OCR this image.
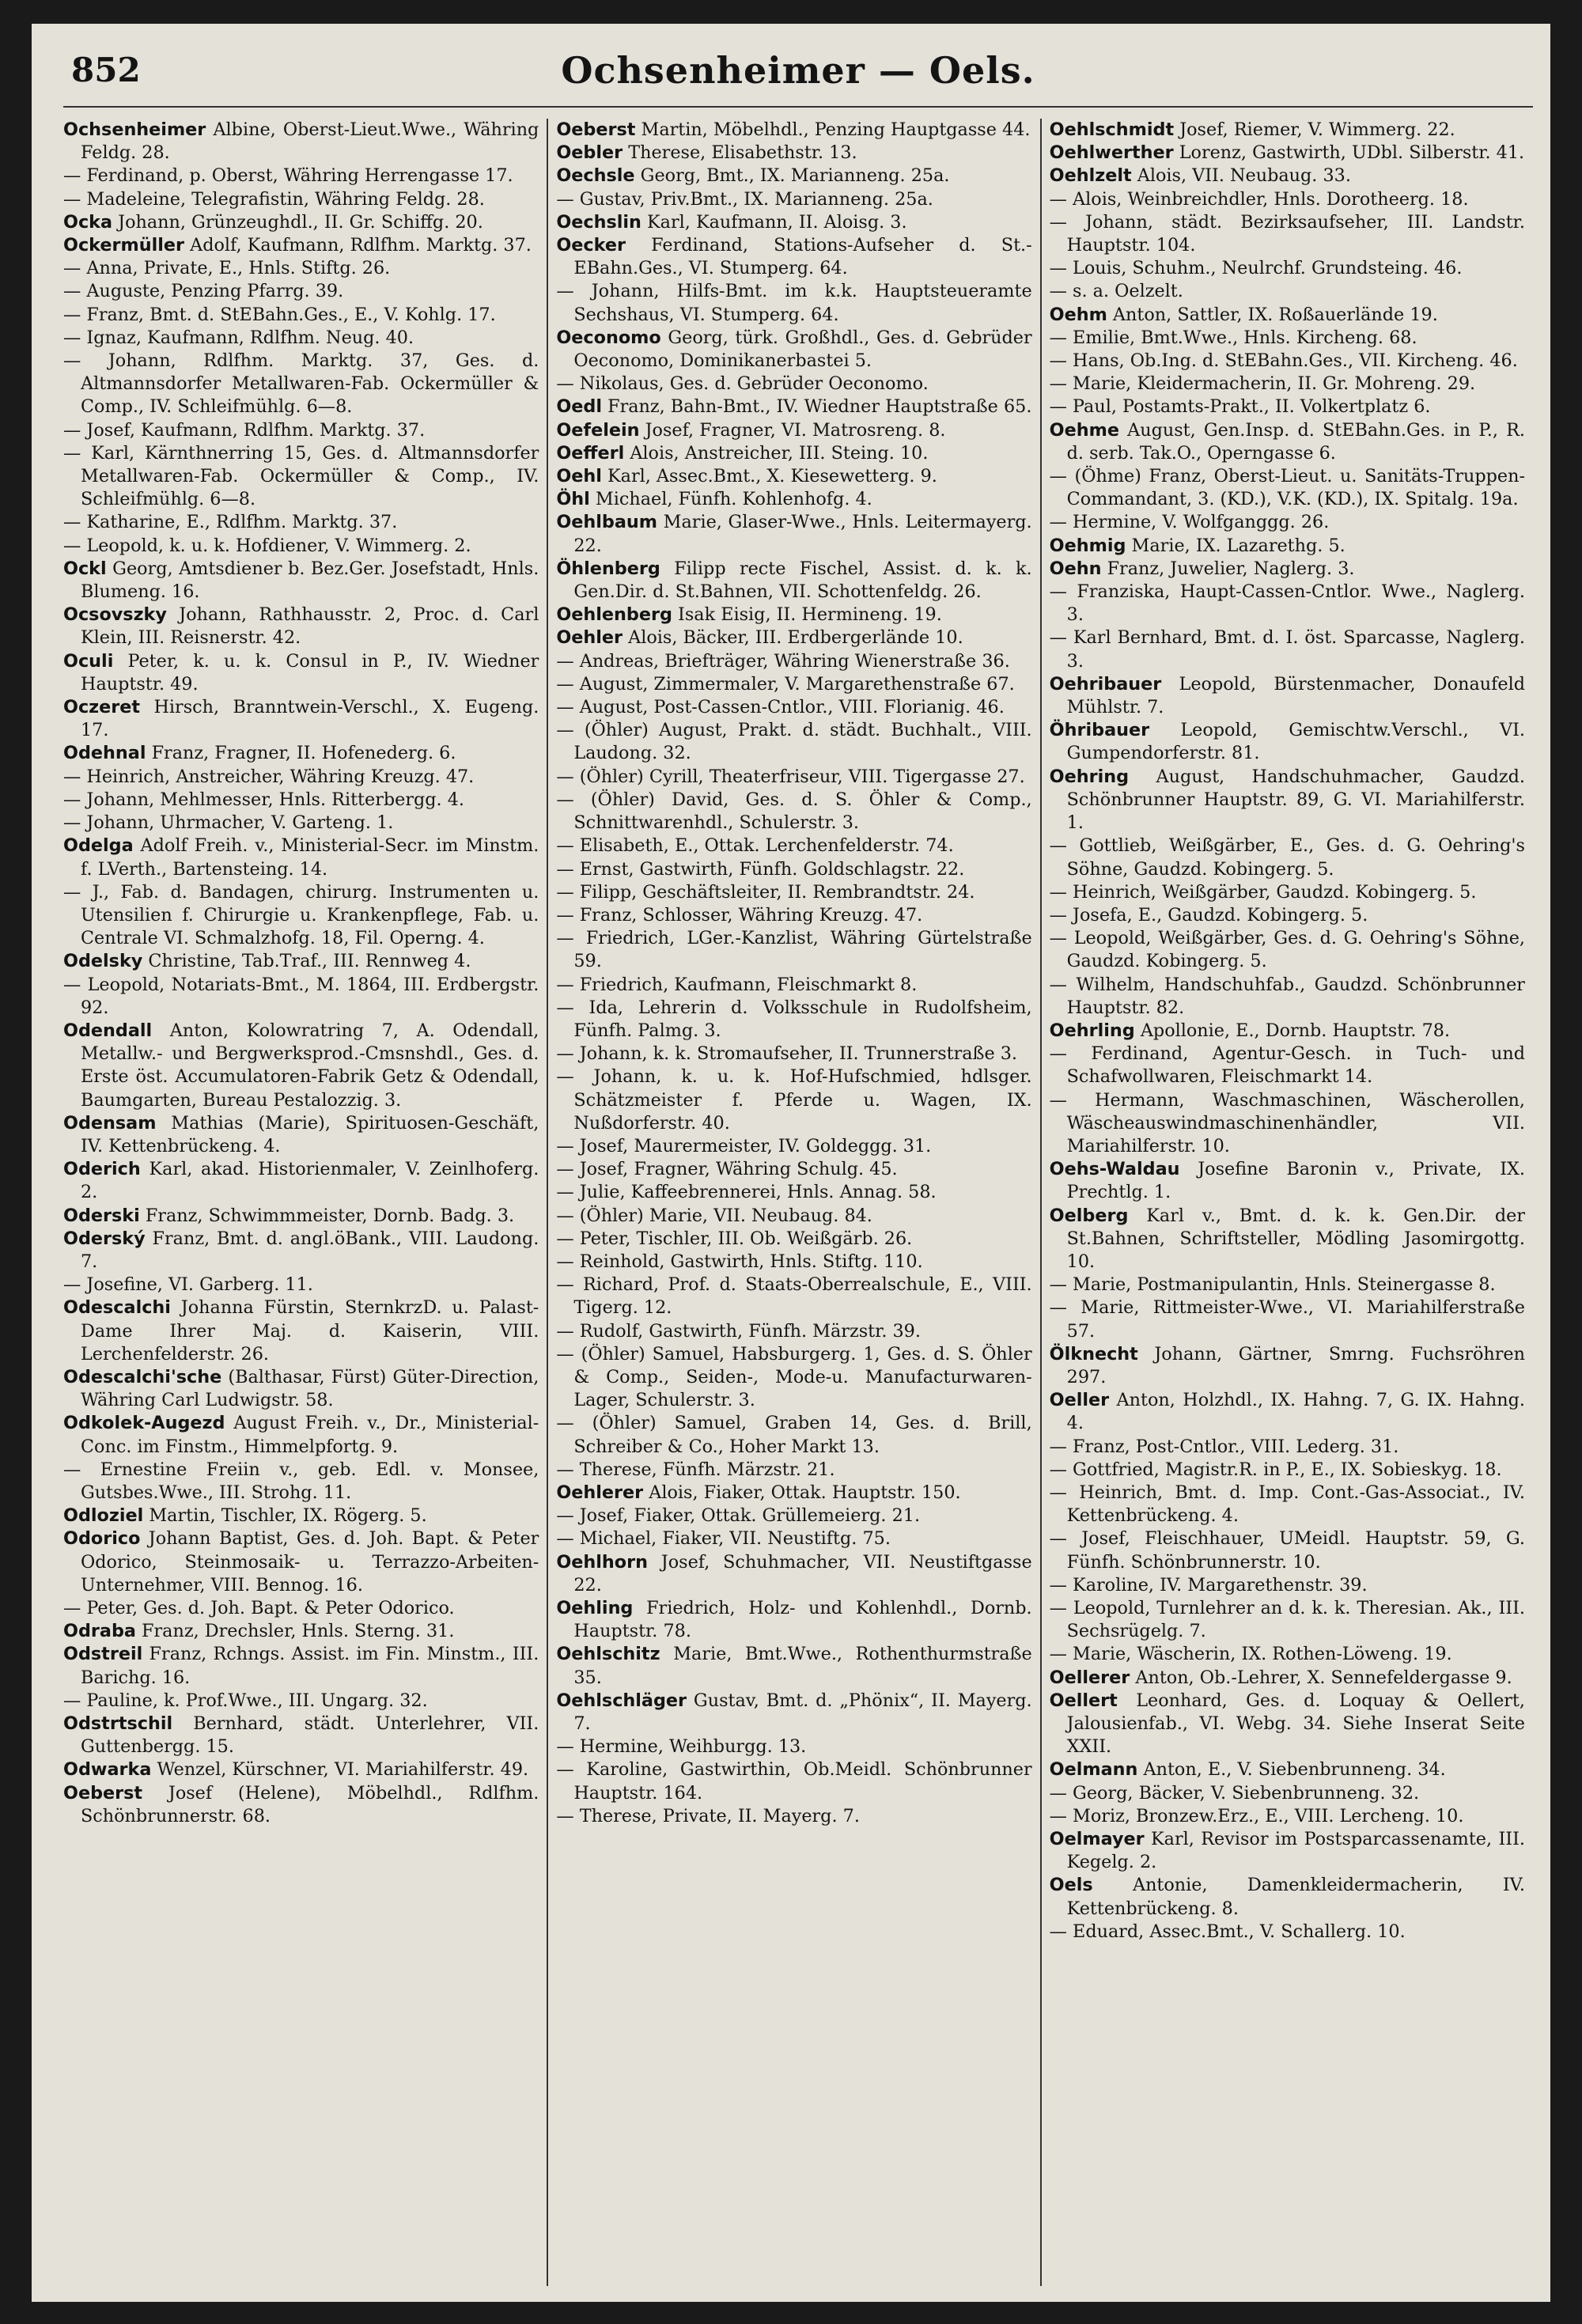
852	Ochsenheimer — Oels.
Ochsenheimer Albine, Oberst-Lieut.Wwe., Währing Feldg. 28.
— Ferdinand, p. Oberst, Währing Herrengasse 17.
— Madeleine, Telegrafistin, Währing Feldg. 28.
Ocka Johann, Grünzeughdl., II. Gr. Schiffg. 20.
Ockermüller Adolf, Kaufmann, Rdlfhm. Marktg. 37.
— Anna, Private, E., Hnls. Stiftg. 26.
— Auguste, Penzing Pfarrg. 39.
— Franz, Bmt. d. StEBahn.Ges., E., V. Kohlg. 17.
— Ignaz, Kaufmann, Rdlfhm. Neug. 40.
— Johann, Rdlfhm. Marktg. 37, Ges. d. Altmannsdorfer Metallwaren-Fab. Ockermüller & Comp., IV. Schleifmühlg. 6—8.
— Josef, Kaufmann, Rdlfhm. Marktg. 37.
— Karl, Kärnthnerring 15, Ges. d. Altmannsdorfer Metallwaren-Fab. Ockermüller & Comp., IV. Schleifmühlg. 6—8.
— Katharine, E., Rdlfhm. Marktg. 37.
— Leopold, k. u. k. Hofdiener, V. Wimmerg. 2.
Ockl Georg, Amtsdiener b. Bez.Ger. Josefstadt, Hnls. Blumeng. 16.
Ocsovszky Johann, Rathhausstr. 2, Proc. d. Carl Klein, III. Reisnerstr. 42.
Oculi Peter, k. u. k. Consul in P., IV. Wiedner Hauptstr. 49.
Oczeret Hirsch, Branntwein-Verschl., X. Eugeng. 17.
Odehnal Franz, Fragner, II. Hofenederg. 6.
— Heinrich, Anstreicher, Währing Kreuzg. 47.
— Johann, Mehlmesser, Hnls. Ritterbergg. 4.
— Johann, Uhrmacher, V. Garteng. 1.
Odelga Adolf Freih. v., Ministerial-Secr. im Minstm. f. LVerth., Bartensteing. 14.
— J., Fab. d. Bandagen, chirurg. Instrumenten u. Utensilien f. Chirurgie u. Krankenpflege, Fab. u. Centrale VI. Schmalzhofg. 18, Fil. Operng. 4.
Odelsky Christine, Tab.Traf., III. Rennweg 4.
— Leopold, Notariats-Bmt., M. 1864, III. Erdbergstr. 92.
Odendall Anton, Kolowratring 7, A. Odendall, Metallw.- und Bergwerksprod.-Cmsnshdl., Ges. d. Erste öst. Accumulatoren-Fabrik Getz & Odendall, Baumgarten, Bureau Pestalozzig. 3.
Odensam Mathias (Marie), Spirituosen-Geschäft, IV. Kettenbrückeng. 4.
Oderich Karl, akad. Historienmaler, V. Zeinlhoferg. 2.
Oderski Franz, Schwimmmeister, Dornb. Badg. 3.
Oderský Franz, Bmt. d. angl.öBank., VIII. Laudong. 7.
— Josefine, VI. Garberg. 11.
Odescalchi Johanna Fürstin, SternkrzD. u. Palast-Dame Ihrer Maj. d. Kaiserin, VIII. Lerchenfelderstr. 26.
Odescalchi'sche (Balthasar, Fürst) Güter-Direction, Währing Carl Ludwigstr. 58.
Odkolek-Augezd August Freih. v., Dr., Ministerial-Conc. im Finstm., Himmelpfortg. 9.
— Ernestine Freiin v., geb. Edl. v. Monsee, Gutsbes.Wwe., III. Strohg. 11.
Odloziel Martin, Tischler, IX. Rögerg. 5.
Odorico Johann Baptist, Ges. d. Joh. Bapt. & Peter Odorico, Steinmosaik- u. Terrazzo-Arbeiten-Unternehmer, VIII. Bennog. 16.
— Peter, Ges. d. Joh. Bapt. & Peter Odorico.
Odraba Franz, Drechsler, Hnls. Sterng. 31.
Odstreil Franz, Rchngs. Assist. im Fin. Minstm., III. Barichg. 16.
— Pauline, k. Prof.Wwe., III. Ungarg. 32.
Odstrtschil Bernhard, städt. Unterlehrer, VII. Guttenbergg. 15.
Odwarka Wenzel, Kürschner, VI. Mariahilferstr. 49.
Oeberst Josef (Helene), Möbelhdl., Rdlfhm. Schönbrunnerstr. 68.
Oeberst Martin, Möbelhdl., Penzing Hauptgasse 44.
Oebler Therese, Elisabethstr. 13.
Oechsle Georg, Bmt., IX. Marianneng. 25a.
— Gustav, Priv.Bmt., IX. Marianneng. 25a.
Oechslin Karl, Kaufmann, II. Aloisg. 3.
Oecker Ferdinand, Stations-Aufseher d. St.-EBahn.Ges., VI. Stumperg. 64.
— Johann, Hilfs-Bmt. im k.k. Hauptsteueramte Sechshaus, VI. Stumperg. 64.
Oeconomo Georg, türk. Großhdl., Ges. d. Gebrüder Oeconomo, Dominikanerbastei 5.
— Nikolaus, Ges. d. Gebrüder Oeconomo.
Oedl Franz, Bahn-Bmt., IV. Wiedner Hauptstraße 65.
Oefelein Josef, Fragner, VI. Matrosreng. 8.
Oefferl Alois, Anstreicher, III. Steing. 10.
Oehl Karl, Assec.Bmt., X. Kiesewetterg. 9.
Öhl Michael, Fünfh. Kohlenhofg. 4.
Oehlbaum Marie, Glaser-Wwe., Hnls. Leitermayerg. 22.
Öhlenberg Filipp recte Fischel, Assist. d. k. k. Gen.Dir. d. St.Bahnen, VII. Schottenfeldg. 26.
Oehlenberg Isak Eisig, II. Hermineng. 19.
Oehler Alois, Bäcker, III. Erdbergerlände 10.
— Andreas, Briefträger, Währing Wienerstraße 36.
— August, Zimmermaler, V. Margarethenstraße 67.
— August, Post-Cassen-Cntlor., VIII. Florianig. 46.
— (Öhler) August, Prakt. d. städt. Buchhalt., VIII. Laudong. 32.
— (Öhler) Cyrill, Theaterfriseur, VIII. Tigergasse 27.
— (Öhler) David, Ges. d. S. Öhler & Comp., Schnittwarenhdl., Schulerstr. 3.
— Elisabeth, E., Ottak. Lerchenfelderstr. 74.
— Ernst, Gastwirth, Fünfh. Goldschlagstr. 22.
— Filipp, Geschäftsleiter, II. Rembrandtstr. 24.
— Franz, Schlosser, Währing Kreuzg. 47.
— Friedrich, LGer.-Kanzlist, Währing Gürtelstraße 59.
— Friedrich, Kaufmann, Fleischmarkt 8.
— Ida, Lehrerin d. Volksschule in Rudolfsheim, Fünfh. Palmg. 3.
— Johann, k. k. Stromaufseher, II. Trunnerstraße 3.
— Johann, k. u. k. Hof-Hufschmied, hdlsger. Schätzmeister f. Pferde u. Wagen, IX. Nußdorferstr. 40.
— Josef, Maurermeister, IV. Goldeggg. 31.
— Josef, Fragner, Währing Schulg. 45.
— Julie, Kaffeebrennerei, Hnls. Annag. 58.
— (Öhler) Marie, VII. Neubaug. 84.
— Peter, Tischler, III. Ob. Weißgärb. 26.
— Reinhold, Gastwirth, Hnls. Stiftg. 110.
— Richard, Prof. d. Staats-Oberrealschule, E., VIII. Tigerg. 12.
— Rudolf, Gastwirth, Fünfh. Märzstr. 39.
— (Öhler) Samuel, Habsburgerg. 1, Ges. d. S. Öhler & Comp., Seiden-, Mode-u. Manufacturwaren-Lager, Schulerstr. 3.
— (Öhler) Samuel, Graben 14, Ges. d. Brill, Schreiber & Co., Hoher Markt 13.
— Therese, Fünfh. Märzstr. 21.
Oehlerer Alois, Fiaker, Ottak. Hauptstr. 150.
— Josef, Fiaker, Ottak. Grüllemeierg. 21.
— Michael, Fiaker, VII. Neustiftg. 75.
Oehlhorn Josef, Schuhmacher, VII. Neustiftgasse 22.
Oehling Friedrich, Holz- und Kohlenhdl., Dornb. Hauptstr. 78.
Oehlschitz Marie, Bmt.Wwe., Rothenthurmstraße 35.
Oehlschläger Gustav, Bmt. d. „Phönix“, II. Mayerg. 7.
— Hermine, Weihburgg. 13.
— Karoline, Gastwirthin, Ob.Meidl. Schönbrunner Hauptstr. 164.
— Therese, Private, II. Mayerg. 7.
Oehlschmidt Josef, Riemer, V. Wimmerg. 22.
Oehlwerther Lorenz, Gastwirth, UDbl. Silberstr. 41.
Oehlzelt Alois, VII. Neubaug. 33.
— Alois, Weinbreichdler, Hnls. Dorotheerg. 18.
— Johann, städt. Bezirksaufseher, III. Landstr. Hauptstr. 104.
— Louis, Schuhm., Neulrchf. Grundsteing. 46.
— s. a. Oelzelt.
Oehm Anton, Sattler, IX. Roßauerlände 19.
— Emilie, Bmt.Wwe., Hnls. Kircheng. 68.
— Hans, Ob.Ing. d. StEBahn.Ges., VII. Kircheng. 46.
— Marie, Kleidermacherin, II. Gr. Mohreng. 29.
— Paul, Postamts-Prakt., II. Volkertplatz 6.
Oehme August, Gen.Insp. d. StEBahn.Ges. in P., R. d. serb. Tak.O., Operngasse 6.
— (Öhme) Franz, Oberst-Lieut. u. Sanitäts-Truppen-Commandant, 3. (KD.), V.K. (KD.), IX. Spitalg. 19a.
— Hermine, V. Wolfganggg. 26.
Oehmig Marie, IX. Lazarethg. 5.
Oehn Franz, Juwelier, Naglerg. 3.
— Franziska, Haupt-Cassen-Cntlor. Wwe., Naglerg. 3.
— Karl Bernhard, Bmt. d. I. öst. Sparcasse, Naglerg. 3.
Oehribauer Leopold, Bürstenmacher, Donaufeld Mühlstr. 7.
Öhribauer Leopold, Gemischtw.Verschl., VI. Gumpendorferstr. 81.
Oehring August, Handschuhmacher, Gaudzd. Schönbrunner Hauptstr. 89, G. VI. Mariahilferstr. 1.
— Gottlieb, Weißgärber, E., Ges. d. G. Oehring's Söhne, Gaudzd. Kobingerg. 5.
— Heinrich, Weißgärber, Gaudzd. Kobingerg. 5.
— Josefa, E., Gaudzd. Kobingerg. 5.
— Leopold, Weißgärber, Ges. d. G. Oehring's Söhne, Gaudzd. Kobingerg. 5.
— Wilhelm, Handschuhfab., Gaudzd. Schönbrunner Hauptstr. 82.
Oehrling Apollonie, E., Dornb. Hauptstr. 78.
— Ferdinand, Agentur-Gesch. in Tuch- und Schafwollwaren, Fleischmarkt 14.
— Hermann, Waschmaschinen, Wäscherollen, Wäscheauswindmaschinenhändler, VII. Mariahilferstr. 10.
Oehs-Waldau Josefine Baronin v., Private, IX. Prechtlg. 1.
Oelberg Karl v., Bmt. d. k. k. Gen.Dir. der St.Bahnen, Schriftsteller, Mödling Jasomirgottg. 10.
— Marie, Postmanipulantin, Hnls. Steinergasse 8.
— Marie, Rittmeister-Wwe., VI. Mariahilferstraße 57.
Ölknecht Johann, Gärtner, Smrng. Fuchsröhren 297.
Oeller Anton, Holzhdl., IX. Hahng. 7, G. IX. Hahng. 4.
— Franz, Post-Cntlor., VIII. Lederg. 31.
— Gottfried, Magistr.R. in P., E., IX. Sobieskyg. 18.
— Heinrich, Bmt. d. Imp. Cont.-Gas-Associat., IV. Kettenbrückeng. 4.
— Josef, Fleischhauer, UMeidl. Hauptstr. 59, G. Fünfh. Schönbrunnerstr. 10.
— Karoline, IV. Margarethenstr. 39.
— Leopold, Turnlehrer an d. k. k. Theresian. Ak., III. Sechsrügelg. 7.
— Marie, Wäscherin, IX. Rothen-Löweng. 19.
Oellerer Anton, Ob.-Lehrer, X. Sennefeldergasse 9.
Oellert Leonhard, Ges. d. Loquay & Oellert, Jalousienfab., VI. Webg. 34. Siehe Inserat Seite XXII.
Oelmann Anton, E., V. Siebenbrunneng. 34.
— Georg, Bäcker, V. Siebenbrunneng. 32.
— Moriz, Bronzew.Erz., E., VIII. Lercheng. 10.
Oelmayer Karl, Revisor im Postsparcassenamte, III. Kegelg. 2.
Oels Antonie, Damenkleidermacherin, IV. Kettenbrückeng. 8.
— Eduard, Assec.Bmt., V. Schallerg. 10.
